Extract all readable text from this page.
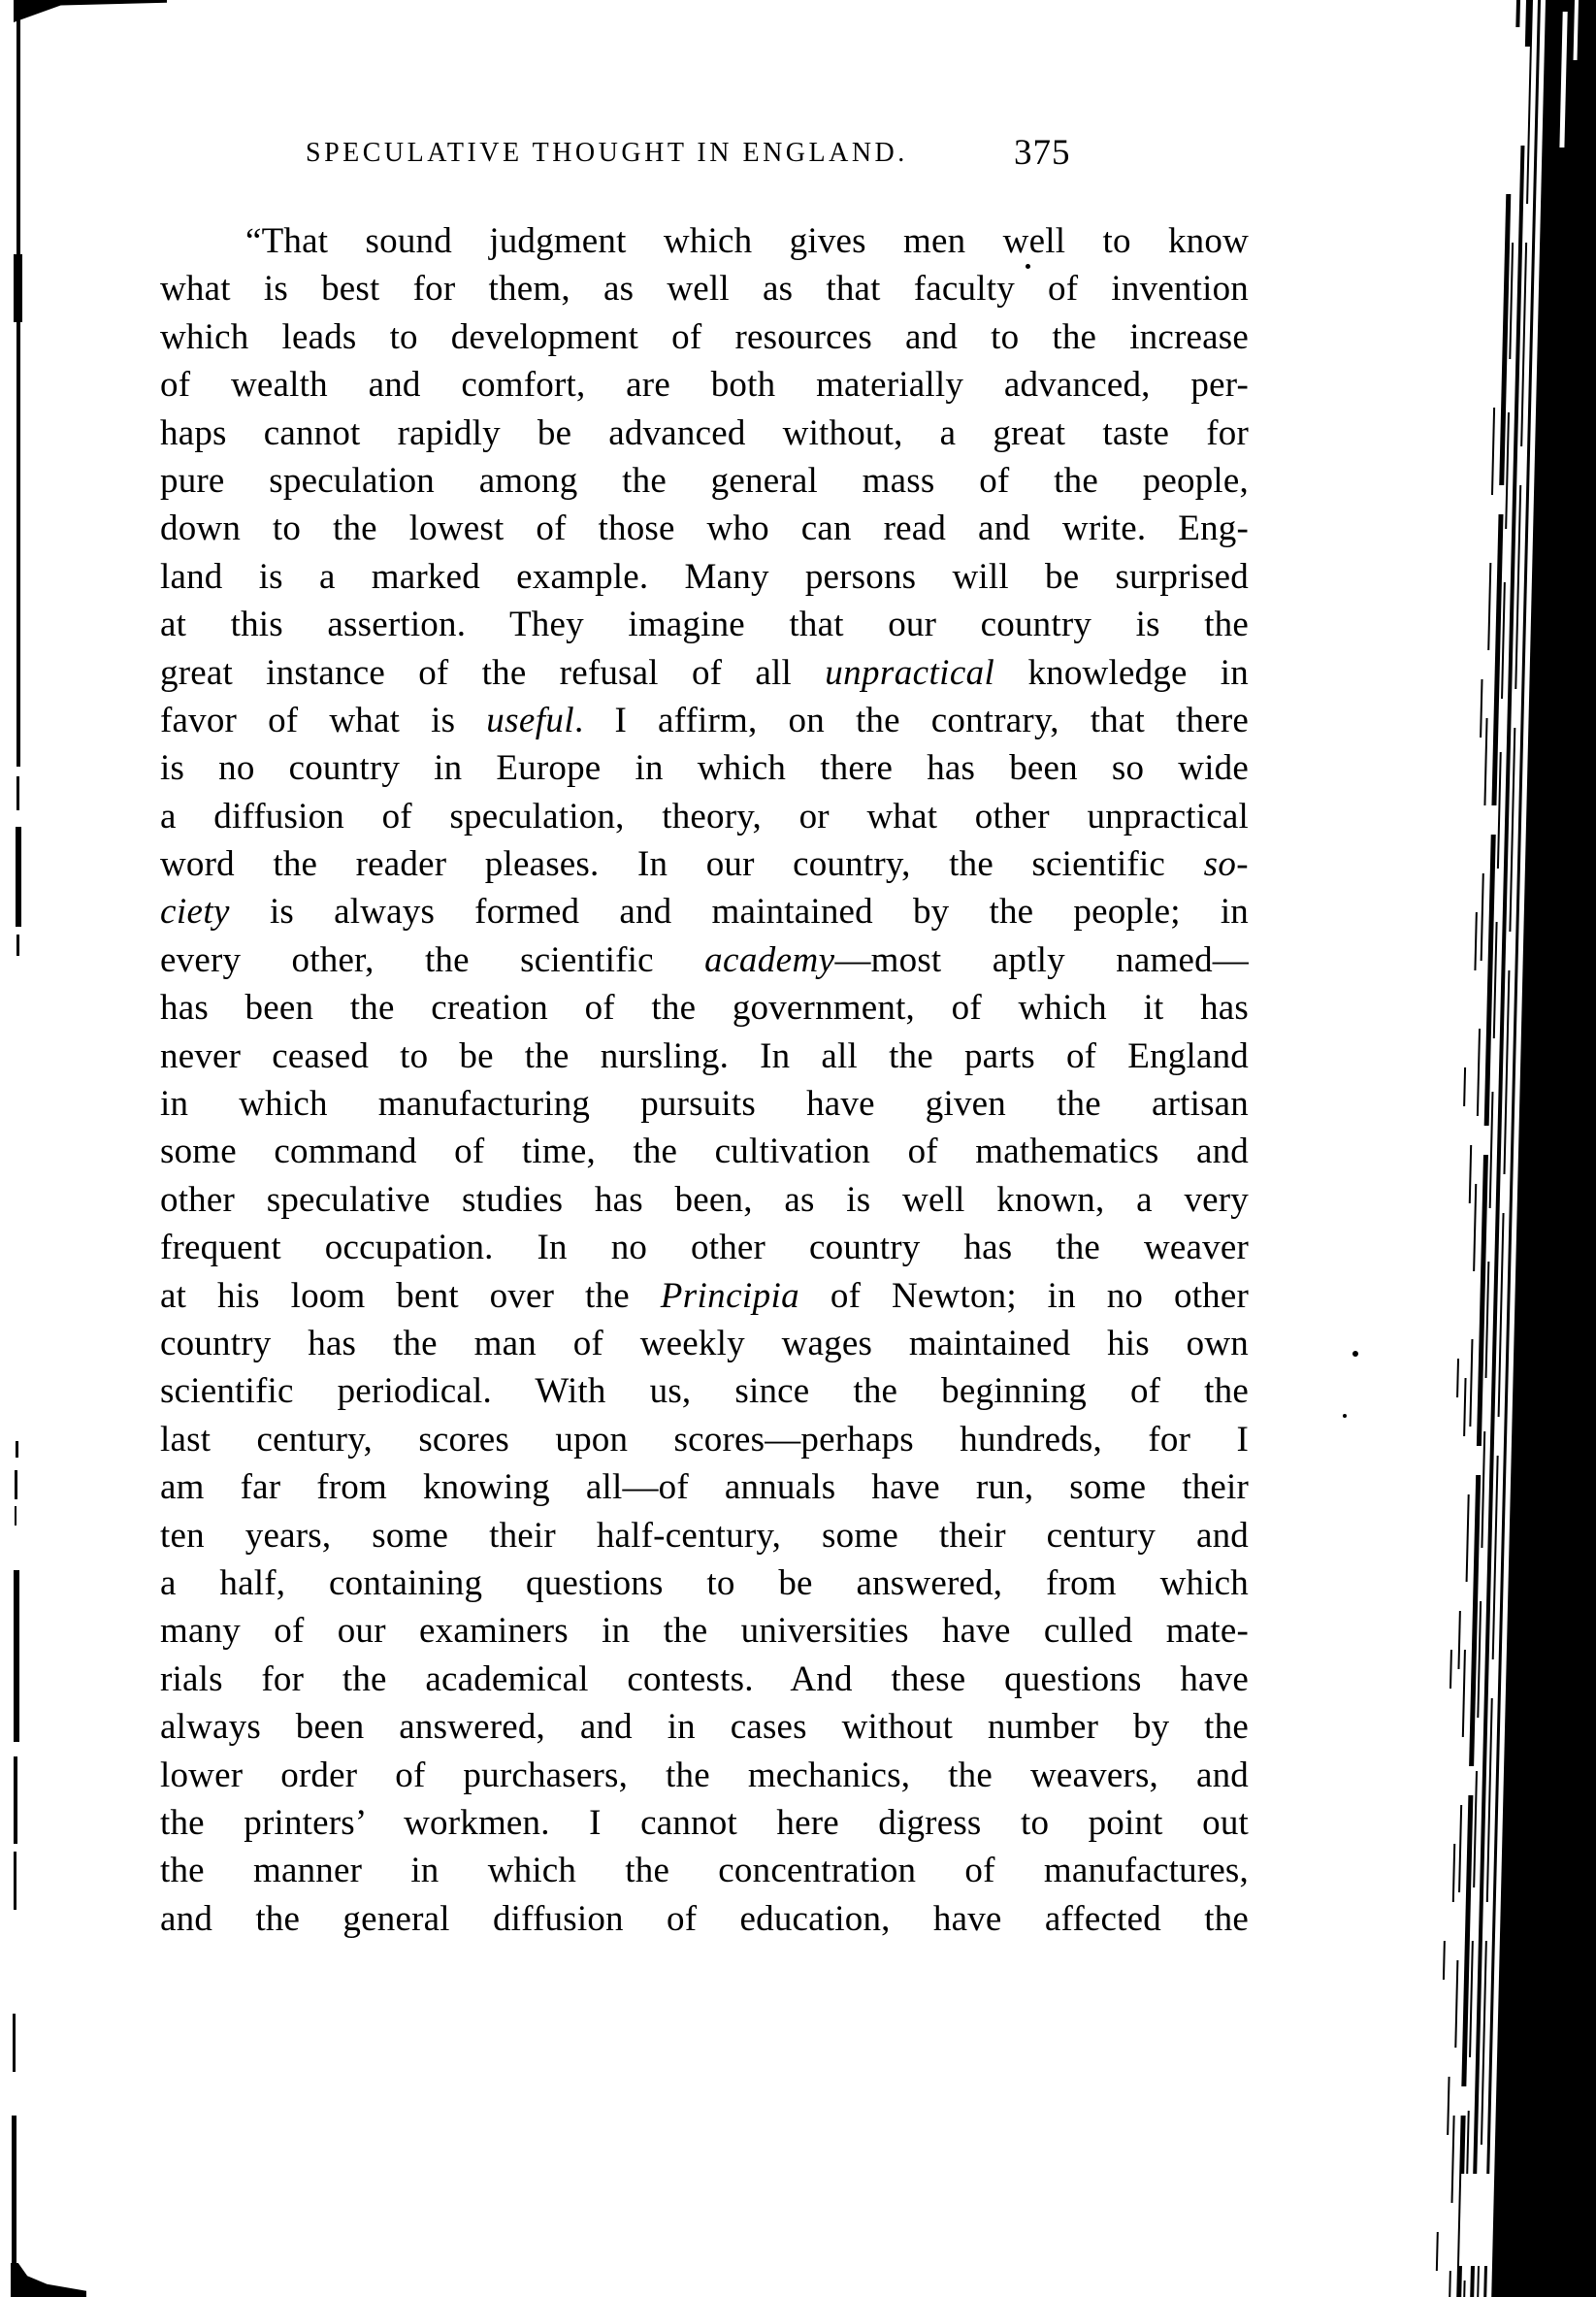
SPECULATIVE THOUGHT IN ENGLAND.	375
“That sound judgment which gives men well to know
what is best for them, as well as that faculty of invention
which leads to development of resources and to the increase
of wealth and comfort, are both materially advanced, per-
haps cannot rapidly be advanced without, a great taste for
pure speculation among the general mass of the people,
down to the lowest of those who can read and write. Eng-
land is a marked example. Many persons will be surprised
at this assertion. They imagine that our country is the
great instance of the refusal of all unpractical knowledge in
favor of what is useful. I affirm, on the contrary, that there
is no country in Europe in which there has been so wide
a diffusion of speculation, theory, or what other unpractical
word the reader pleases. In our country, the scientific so-
ciety is always formed and maintained by the people; in
every other, the scientific academy—most aptly named—
has been the creation of the government, of which it has
never ceased to be the nursling. In all the parts of England
in which manufacturing pursuits have given the artisan
some command of time, the cultivation of mathematics and
other speculative studies has been, as is well known, a very
frequent occupation. In no other country has the weaver
at his loom bent over the Principia of Newton; in no other
country has the man of weekly wages maintained his own
scientific periodical. With us, since the beginning of the
last century, scores upon scores—perhaps hundreds, for I
am far from knowing all—of annuals have run, some their
ten years, some their half-century, some their century and
a half, containing questions to be answered, from which
many of our examiners in the universities have culled mate-
rials for the academical contests. And these questions have
always been answered, and in cases without number by the
lower order of purchasers, the mechanics, the weavers, and
the printers’ workmen. I cannot here digress to point out
the manner in which the concentration of manufactures,
and the general diffusion of education, have affected the
